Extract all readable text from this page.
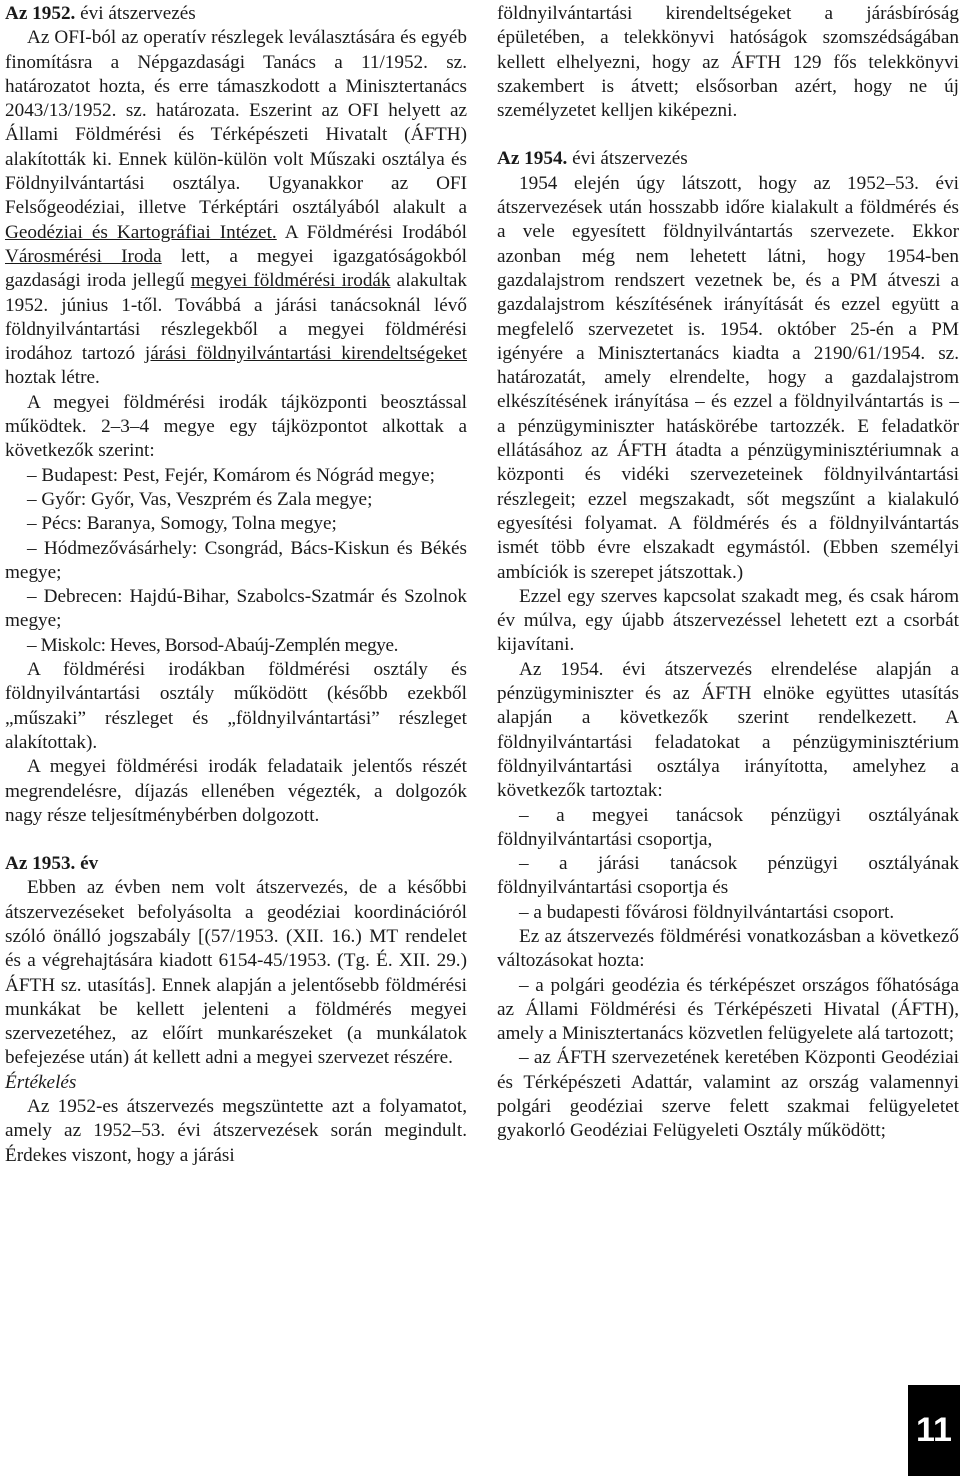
Az 1952. évi átszervezés

Az OFI-ból az operatív részlegek leválasztására és egyéb finomításra a Népgazdasági Tanács a 11/1952. sz. határozatot hozta, és erre támaszkodott a Minisztertanács 2043/13/1952. sz. határozata. Eszerint az OFI helyett az Állami Földmérési és Térképészeti Hivatalt (ÁFTH) alakították ki. Ennek külön-külön volt Műszaki osztálya és Földnyilvántartási osztálya. Ugyanakkor az OFI Felsőgeodéziai, illetve Térképtári osztályából alakult a Geodéziai és Kartográfiai Intézet. A Földmérési Irodából Városmérési Iroda lett, a megyei igazgatóságokból gazdasági iroda jellegű megyei földmérési irodák alakultak 1952. június 1-től. Továbbá a járási tanácsoknál lévő földnyilvántartási részlegekből a megyei földmérési irodához tartozó járási földnyilvántartási kirendeltségeket hoztak létre.

A megyei földmérési irodák tájközponti beosztással működtek. 2–3–4 megye egy tájközpontot alkottak a következők szerint:

– Budapest: Pest, Fejér, Komárom és Nógrád megye;

– Győr: Győr, Vas, Veszprém és Zala megye;

– Pécs: Baranya, Somogy, Tolna megye;

– Hódmezővásárhely: Csongrád, Bács-Kiskun és Békés megye;

– Debrecen: Hajdú-Bihar, Szabolcs-Szatmár és Szolnok megye;

– Miskolc: Heves, Borsod-Abaúj-Zemplén megye.

A földmérési irodákban földmérési osztály és földnyilvántartási osztály működött (később ezekből „műszaki” részleget és „földnyilvántartási” részleget alakítottak).

A megyei földmérési irodák feladataik jelentős részét megrendelésre, díjazás ellenében végezték, a dolgozók nagy része teljesítménybérben dolgozott.

Az 1953. év

Ebben az évben nem volt átszervezés, de a későbbi átszervezéseket befolyásolta a geodéziai koordinációról szóló önálló jogszabály [(57/1953. (XII. 16.) MT rendelet és a végrehajtására kiadott 6154-45/1953. (Tg. É. XII. 29.) ÁFTH sz. utasítás]. Ennek alapján a jelentősebb földmérési munkákat be kellett jelenteni a földmérés megyei szervezetéhez, az előírt munkarészeket (a munkálatok befejezése után) át kellett adni a megyei szervezet részére.

Értékelés

Az 1952-es átszervezés megszüntette azt a folyamatot, amely az 1952–53. évi átszervezések során megindult. Érdekes viszont, hogy a járási

földnyilvántartási kirendeltségeket a járásbíróság épületében, a telekkönyvi hatóságok szomszédságában kellett elhelyezni, hogy az ÁFTH 129 fős telekkönyvi szakembert is átvett; elsősorban azért, hogy ne új személyzetet kelljen kiképezni.

Az 1954. évi átszervezés

1954 elején úgy látszott, hogy az 1952–53. évi átszervezések után hosszabb időre kialakult a földmérés és a vele egyesített földnyilvántartás szervezete. Ekkor azonban még nem lehetett látni, hogy 1954-ben gazdalajstrom rendszert vezetnek be, és a PM átveszi a gazdalajstrom készítésének irányítását és ezzel együtt a megfelelő szervezetet is. 1954. október 25-én a PM igényére a Minisztertanács kiadta a 2190/61/1954. sz. határozatát, amely elrendelte, hogy a gazdalajstrom elkészítésének irányítása – és ezzel a földnyilvántartás is – a pénzügyminiszter hatáskörébe tartozzék. E feladatkör ellátásához az ÁFTH átadta a pénzügyminisztériumnak a központi és vidéki szervezeteinek földnyilvántartási részlegeit; ezzel megszakadt, sőt megszűnt a kialakuló egyesítési folyamat. A földmérés és a földnyilvántartás ismét több évre elszakadt egymástól. (Ebben személyi ambíciók is szerepet játszottak.)

Ezzel egy szerves kapcsolat szakadt meg, és csak három év múlva, egy újabb átszervezéssel lehetett ezt a csorbát kijavítani.

Az 1954. évi átszervezés elrendelése alapján a pénzügyminiszter és az ÁFTH elnöke együttes utasítás alapján a következők szerint rendelkezett. A földnyilvántartási feladatokat a pénzügyminisztérium földnyilvántartási osztálya irányította, amelyhez a következők tartoztak:

– a megyei tanácsok pénzügyi osztályának földnyilvántartási csoportja,

– a járási tanácsok pénzügyi osztályának földnyilvántartási csoportja és

– a budapesti fővárosi földnyilvántartási csoport.

Ez az átszervezés földmérési vonatkozásban a következő változásokat hozta:

– a polgári geodézia és térképészet országos főhatósága az Állami Földmérési és Térképészeti Hivatal (ÁFTH), amely a Minisztertanács közvetlen felügyelete alá tartozott;

– az ÁFTH szervezetének keretében Központi Geodéziai és Térképészeti Adattár, valamint az ország valamennyi polgári geodéziai szerve felett szakmai felügyeletet gyakorló Geodéziai Felügyeleti Osztály működött;

11
